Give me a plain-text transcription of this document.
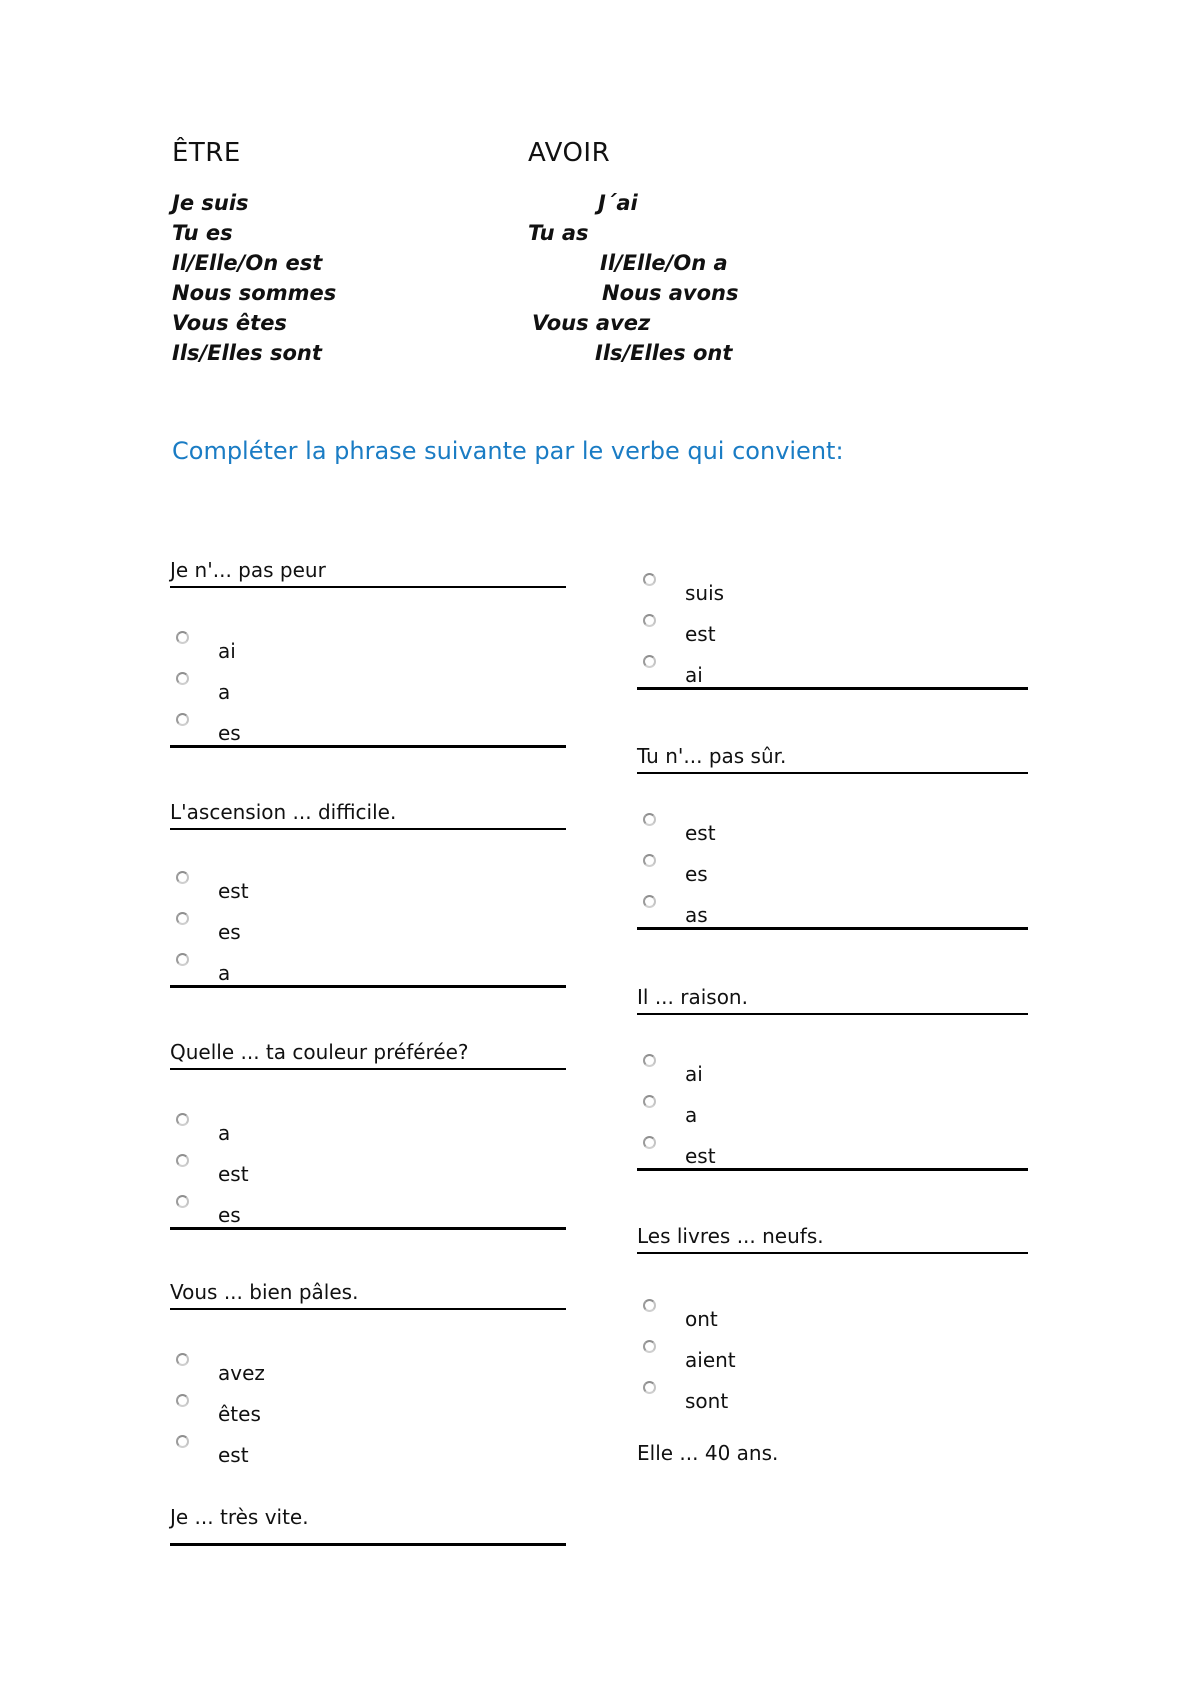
ÊTRE	AVOIR
Je suis
Tu es
Il/Elle/On est
Nous sommes
Vous êtes
Ils/Elles sont
J´ai
Tu as
Il/Elle/On a
Nous avons
Vous avez
Ils/Elles ont
Compléter la phrase suivante par le verbe qui convient:
Je n'... pas peur
ai
a
es
L'ascension ... difficile.
est
es
a
Quelle ... ta couleur préférée?
a
est
es
Vous ... bien pâles.
avez
êtes
est
Je ... très vite.
suis
est
ai
Tu n'... pas sûr.
est
es
as
Il ... raison.
ai
a
est
Les livres ... neufs.
ont
aient
sont
Elle ... 40 ans.
